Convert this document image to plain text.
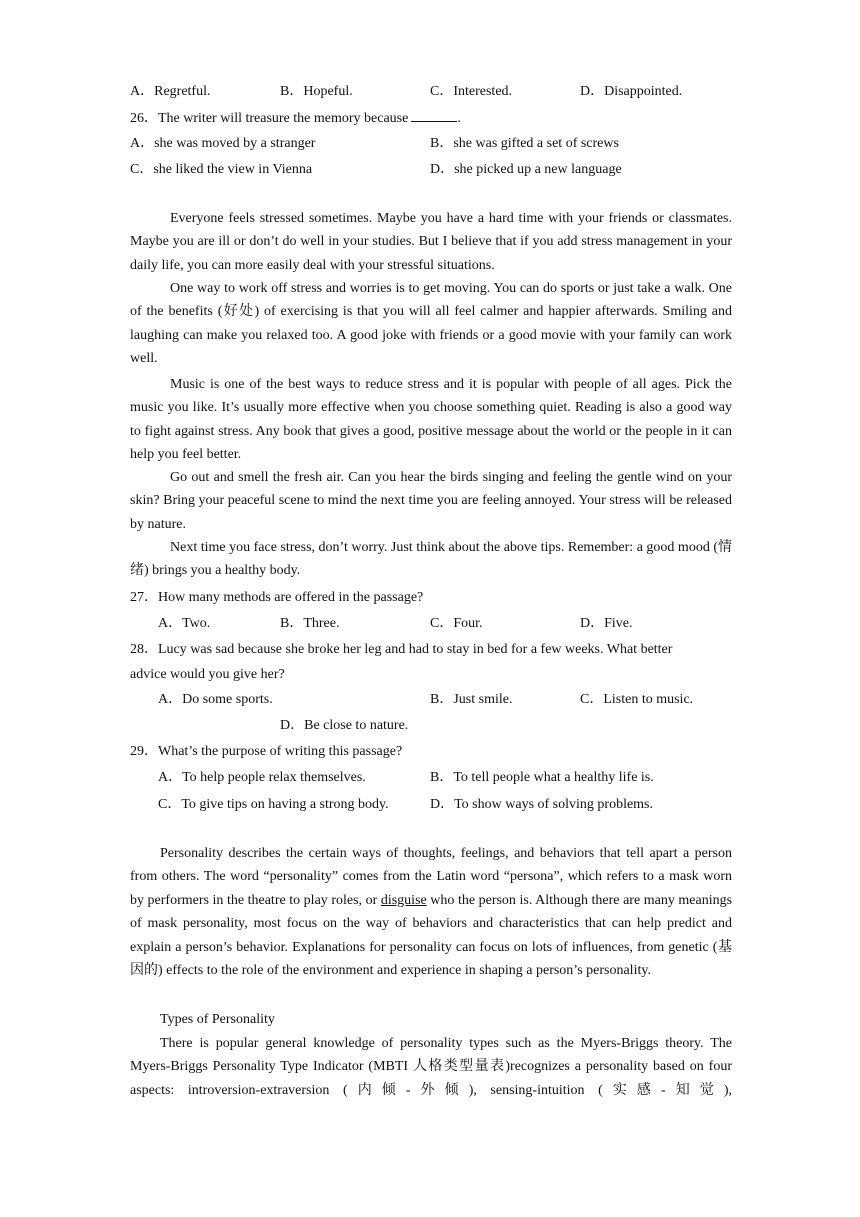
A．Regretful.	B．Hopeful.	C．Interested.	D．Disappointed.
26．The writer will treasure the memory because	.
A．she was moved by a stranger	B．she was gifted a set of screws
C．she liked the view in Vienna	D．she picked up a new language
Everyone feels stressed sometimes. Maybe you have a hard time with your friends or classmates. Maybe you are ill or don’t do well in your studies. But I believe that if you add stress management in your daily life, you can more easily deal with your stressful situations.
One way to work off stress and worries is to get moving. You can do sports or just take a walk. One of the benefits (好处) of exercising is that you will all feel calmer and happier afterwards. Smiling and laughing can make you relaxed too. A good joke with friends or a good movie with your family can work well.
Music is one of the best ways to reduce stress and it is popular with people of all ages. Pick the music you like. It’s usually more effective when you choose something quiet. Reading is also a good way to fight against stress. Any book that gives a good, positive message about the world or the people in it can help you feel better.
Go out and smell the fresh air. Can you hear the birds singing and feeling the gentle wind on your skin? Bring your peaceful scene to mind the next time you are feeling annoyed. Your stress will be released by nature.
Next time you face stress, don’t worry. Just think about the above tips. Remember: a good mood (情绪) brings you a healthy body.
27．How many methods are offered in the passage?
A．Two.	B．Three.	C．Four.	D．Five.
28．Lucy was sad because she broke her leg and had to stay in bed for a few weeks. What better
advice would you give her?
A．Do some sports.	B．Just smile.	C．Listen to music.
D．Be close to nature.
29．What’s the purpose of writing this passage?
A．To help people relax themselves.	B．To tell people what a healthy life is.
C．To give tips on having a strong body.	D．To show ways of solving problems.
Personality describes the certain ways of thoughts, feelings, and behaviors that tell apart a person from others. The word “personality” comes from the Latin word “persona”, which refers to a mask worn by performers in the theatre to play roles, or disguise who the person is. Although there are many meanings of mask personality, most focus on the way of behaviors and characteristics that can help predict and explain a person’s behavior. Explanations for personality can focus on lots of influences, from genetic (基因的) effects to the role of the environment and experience in shaping a person’s personality.
Types of Personality
There is popular general knowledge of personality types such as the Myers-Briggs theory. The Myers-Briggs Personality Type Indicator (MBTI 人格类型量表)recognizes a personality based on four aspects: introversion-extraversion (内倾-外倾), sensing-intuition (实感-知觉),
